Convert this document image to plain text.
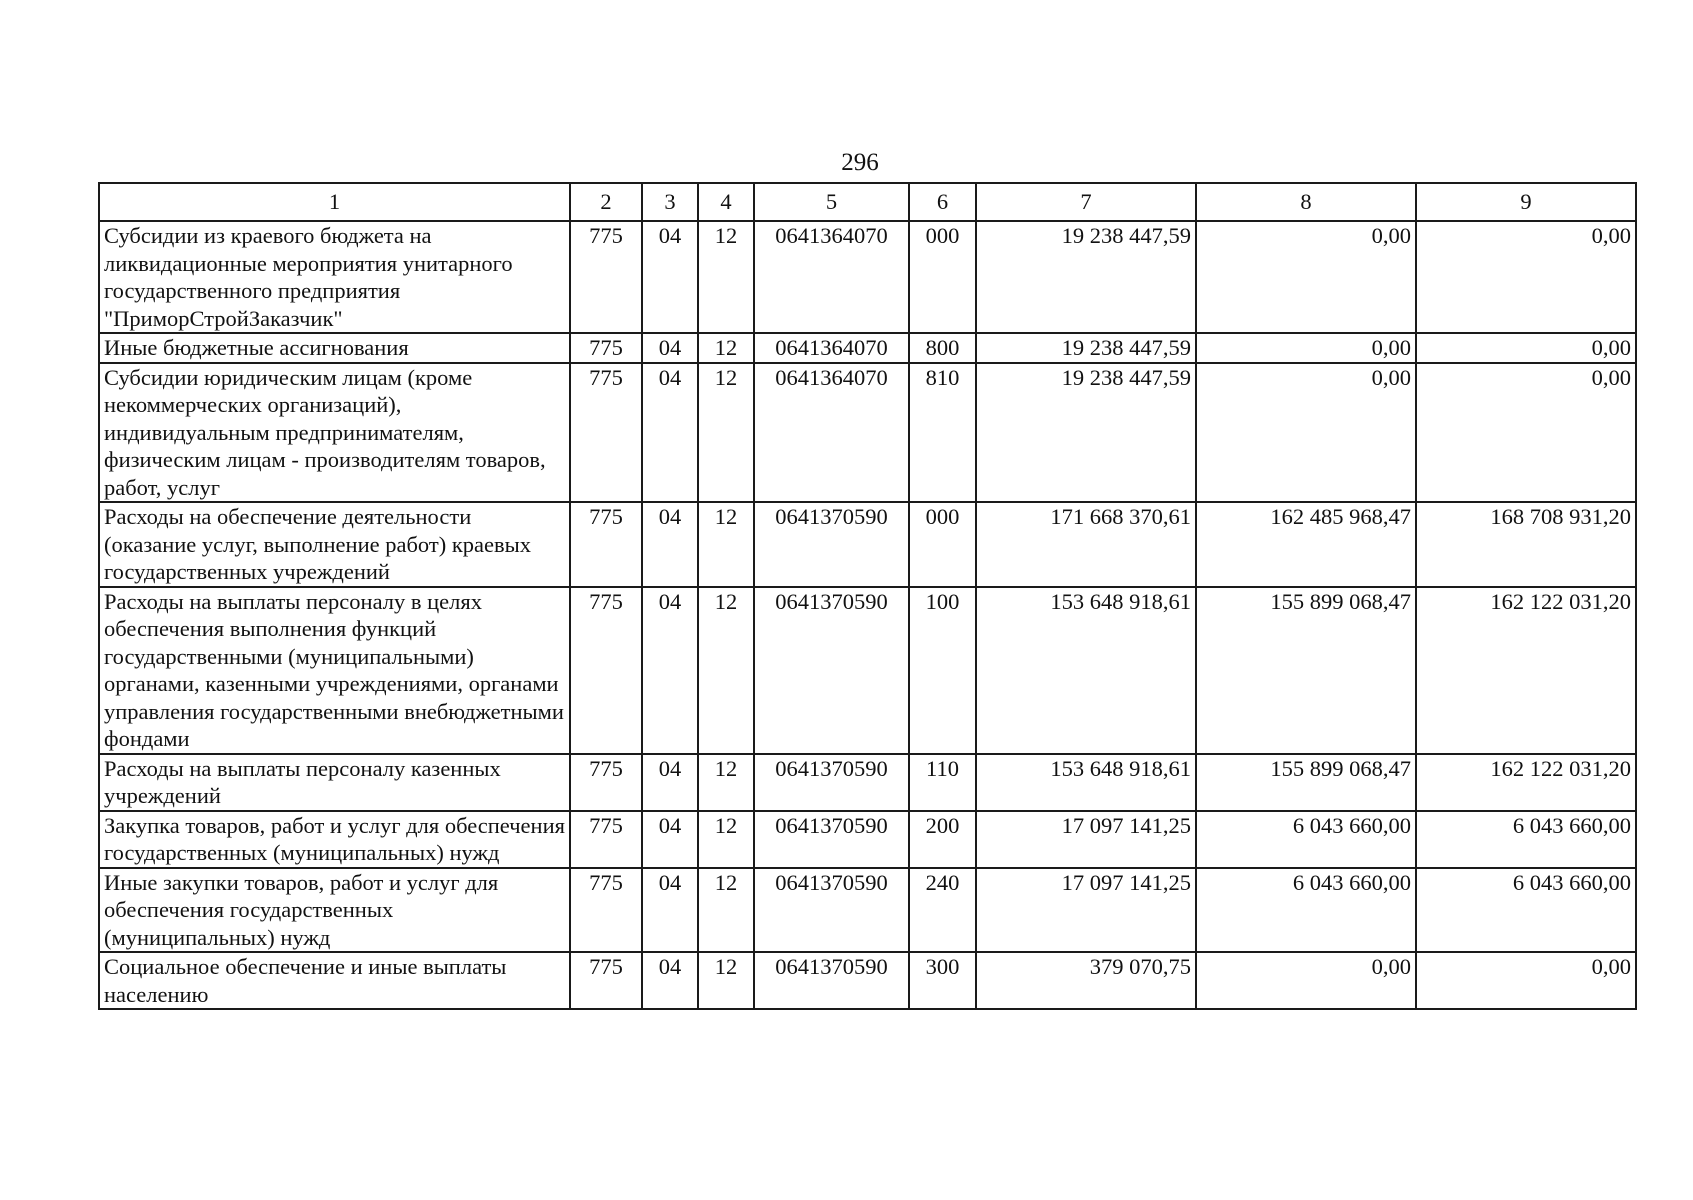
296
1	2	3	4	5	6	7	8	9
Субсидии из краевого бюджета на ликвидационные мероприятия унитарного государственного предприятия "ПриморСтройЗаказчик"	775	04	12	0641364070	000	19 238 447,59	0,00	0,00
Иные бюджетные ассигнования	775	04	12	0641364070	800	19 238 447,59	0,00	0,00
Субсидии юридическим лицам (кроме некоммерческих организаций), индивидуальным предпринимателям, физическим лицам - производителям товаров, работ, услуг	775	04	12	0641364070	810	19 238 447,59	0,00	0,00
Расходы на обеспечение деятельности (оказание услуг, выполнение работ) краевых государственных учреждений	775	04	12	0641370590	000	171 668 370,61	162 485 968,47	168 708 931,20
Расходы на выплаты персоналу в целях обеспечения выполнения функций государственными (муниципальными) органами, казенными учреждениями, органами управления государственными внебюджетными фондами	775	04	12	0641370590	100	153 648 918,61	155 899 068,47	162 122 031,20
Расходы на выплаты персоналу казенных учреждений	775	04	12	0641370590	110	153 648 918,61	155 899 068,47	162 122 031,20
Закупка товаров, работ и услуг для обеспечения государственных (муниципальных) нужд	775	04	12	0641370590	200	17 097 141,25	6 043 660,00	6 043 660,00
Иные закупки товаров, работ и услуг для обеспечения государственных (муниципальных) нужд	775	04	12	0641370590	240	17 097 141,25	6 043 660,00	6 043 660,00
Социальное обеспечение и иные выплаты населению	775	04	12	0641370590	300	379 070,75	0,00	0,00
